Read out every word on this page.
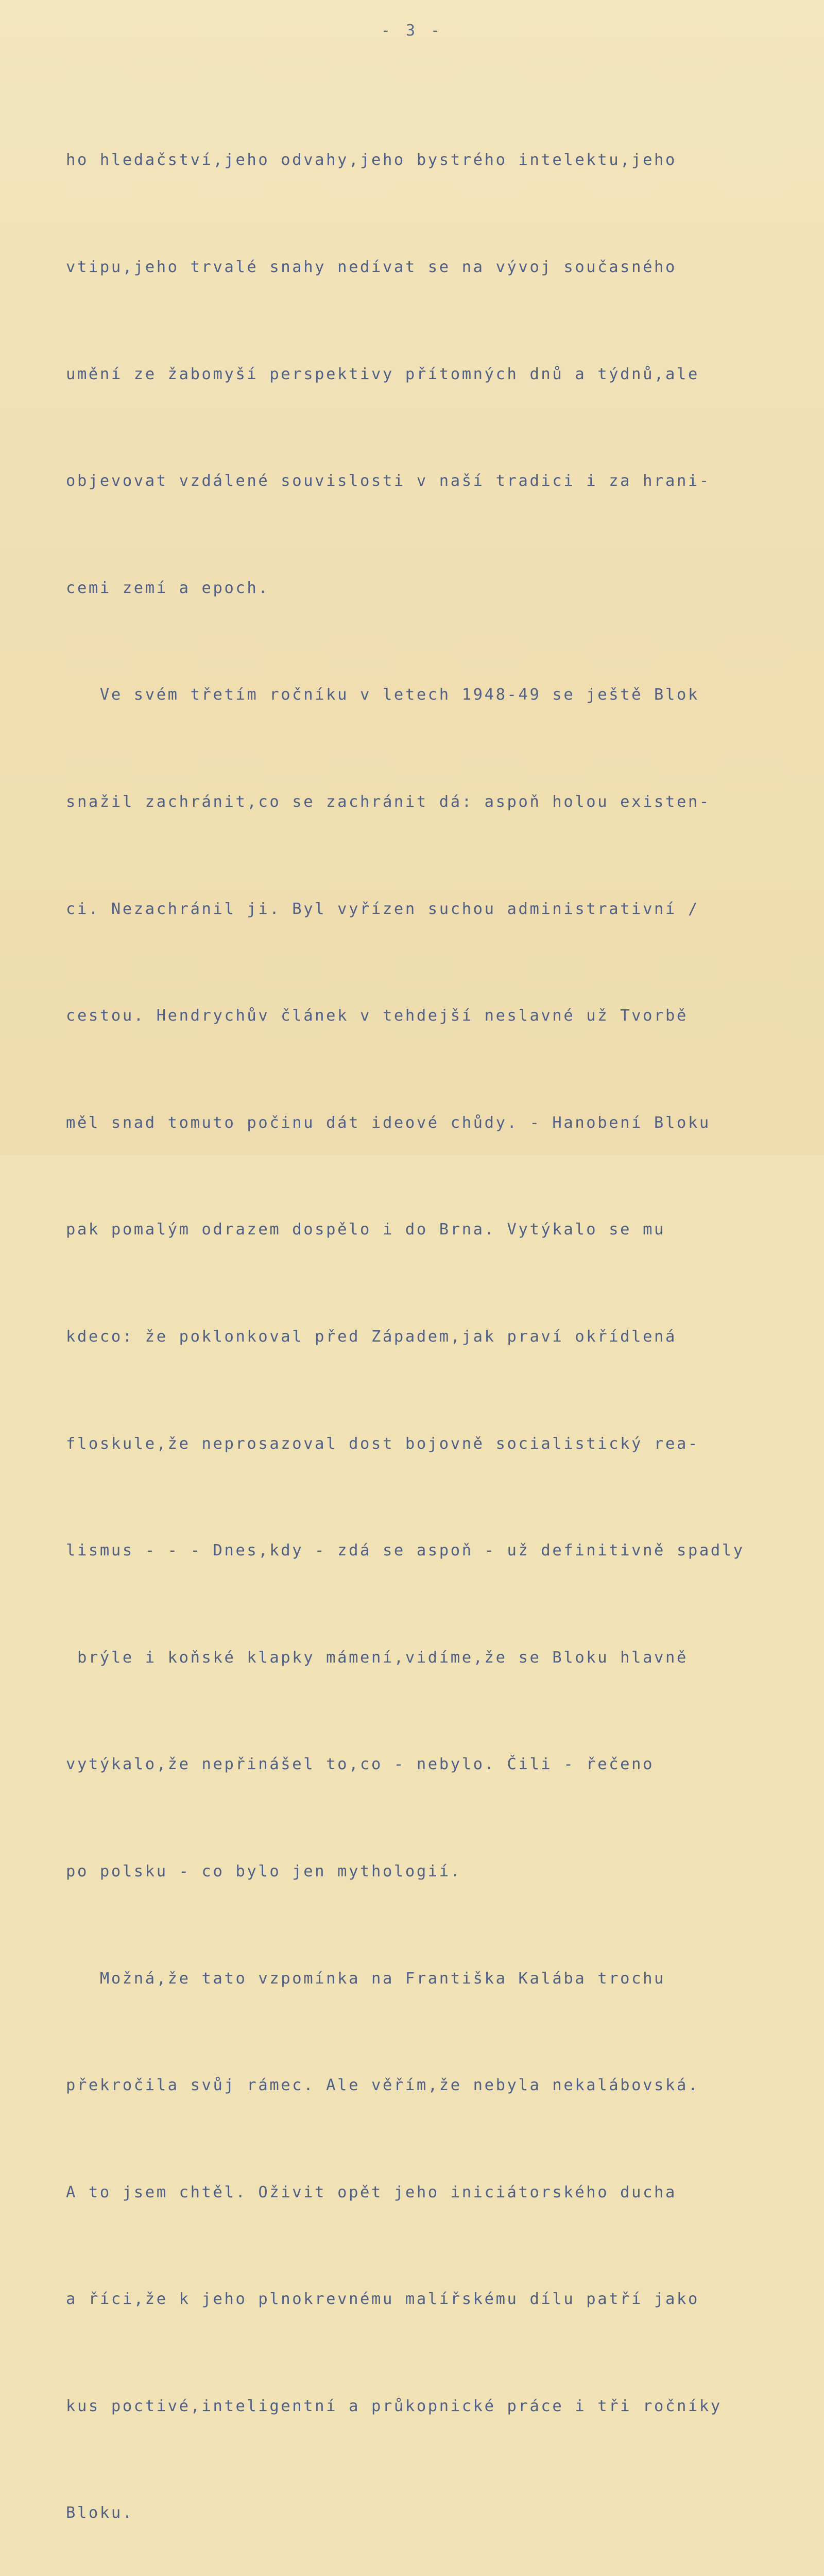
- 3 -

ho hledačství,jeho odvahy,jeho bystrého intelektu,jeho

vtipu,jeho trvalé snahy nedívat se na vývoj současného

umění ze žabomyší perspektivy přítomných dnů a týdnů,ale

objevovat vzdálené souvislosti v naší tradici i za hrani-

cemi zemí a epoch.

Ve svém třetím ročníku v letech 1948-49 se ještě Blok

snažil zachránit,co se zachránit dá: aspoň holou existen-

ci. Nezachránil ji. Byl vyřízen suchou administrativní /

cestou. Hendrychův článek v tehdejší neslavné už Tvorbě

měl snad tomuto počinu dát ideové chůdy. - Hanobení Bloku

pak pomalým odrazem dospělo i do Brna. Vytýkalo se mu

kdeco: že poklonkoval před Západem,jak praví okřídlená

floskule,že neprosazoval dost bojovně socialistický rea-

lismus - - - Dnes,kdy - zdá se aspoň - už definitivně spadly

brýle i koňské klapky mámení,vidíme,že se Bloku hlavně

vytýkalo,že nepřinášel to,co - nebylo. Čili - řečeno

po polsku - co bylo jen mythologií.

Možná,že tato vzpomínka na Františka Kalába trochu

překročila svůj rámec. Ale věřím,že nebyla nekalábovská.

A to jsem chtěl. Oživit opět jeho iniciátorského ducha

a říci,že k jeho plnokrevnému malířskému dílu patří jako

kus poctivé,inteligentní a průkopnické práce i tři ročníky

Bloku.
